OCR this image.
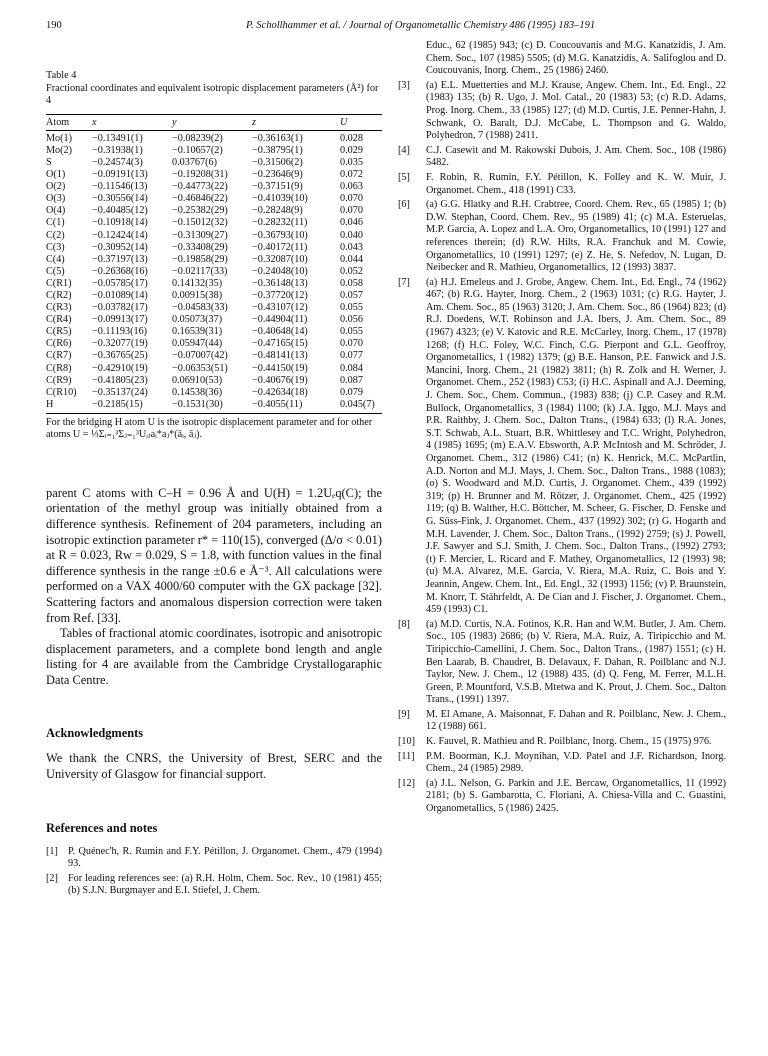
190	P. Schollhammer et al. / Journal of Organometallic Chemistry 486 (1995) 183–191
Table 4
Fractional coordinates and equivalent isotropic displacement parameters (Å²) for 4
Atom	x	y	z	U
Mo(1)	−0.13491(1)	−0.08239(2)	−0.36163(1)	0.028
Mo(2)	−0.31938(1)	−0.10657(2)	−0.38795(1)	0.029
S	−0.24574(3)	0.03767(6)	−0.31506(2)	0.035
O(1)	−0.09191(13)	−0.19208(31)	−0.23646(9)	0.072
O(2)	−0.11546(13)	−0.44773(22)	−0.37151(9)	0.063
O(3)	−0.30556(14)	−0.46846(22)	−0.41039(10)	0.070
O(4)	−0.40485(12)	−0.25382(29)	−0.28248(9)	0.070
C(1)	−0.10918(14)	−0.15012(32)	−0.28232(11)	0.046
C(2)	−0.12424(14)	−0.31309(27)	−0.36793(10)	0.040
C(3)	−0.30952(14)	−0.33408(29)	−0.40172(11)	0.043
C(4)	−0.37197(13)	−0.19858(29)	−0.32087(10)	0.044
C(5)	−0.26368(16)	−0.02117(33)	−0.24048(10)	0.052
C(R1)	−0.05785(17)	0.14132(35)	−0.36148(13)	0.058
C(R2)	−0.01089(14)	0.00915(38)	−0.37720(12)	0.057
C(R3)	−0.03782(17)	−0.04583(33)	−0.43107(12)	0.055
C(R4)	−0.09913(17)	0.05073(37)	−0.44904(11)	0.056
C(R5)	−0.11193(16)	0.16539(31)	−0.40648(14)	0.055
C(R6)	−0.32077(19)	0.05947(44)	−0.47165(15)	0.070
C(R7)	−0.36765(25)	−0.07007(42)	−0.48141(13)	0.077
C(R8)	−0.42910(19)	−0.06353(51)	−0.44150(19)	0.084
C(R9)	−0.41805(23)	0.06910(53)	−0.40676(19)	0.087
C(R10)	−0.35137(24)	0.14538(36)	−0.42634(18)	0.079
H	−0.2185(15)	−0.1531(30)	−0.4055(11)	0.045(7)
For the bridging H atom U is the isotropic displacement parameter and for other atoms U = ⅓Σᵢ₌₁³Σⱼ₌₁³Uᵢⱼaᵢ*aⱼ*(āᵢ, āⱼ).

parent C atoms with C–H = 0.96 Å and U(H) = 1.2Uₑq(C); the orientation of the methyl group was initially obtained from a difference synthesis. Refinement of 204 parameters, including an isotropic extinction parameter r* = 110(15), converged (Δ/σ < 0.01) at R = 0.023, Rw = 0.029, S = 1.8, with function values in the final difference synthesis in the range ±0.6 e Å⁻³. All calculations were performed on a VAX 4000/60 computer with the GX package [32]. Scattering factors and anomalous dispersion correction were taken from Ref. [33].

Tables of fractional atomic coordinates, isotropic and anisotropic displacement parameters, and a complete bond length and angle listing for 4 are available from the Cambridge Crystallogaraphic Data Centre.

Acknowledgments
We thank the CNRS, the University of Brest, SERC and the University of Glasgow for financial support.
References and notes
[1] P. Quénec'h, R. Rumin and F.Y. Pétillon, J. Organomet. Chem., 479 (1994) 93.
[2] For leading references see: (a) R.H. Holm, Chem. Soc. Rev., 10 (1981) 455; (b) S.J.N. Burgmayer and E.I. Stiefel, J. Chem.
Educ., 62 (1985) 943; (c) D. Coucouvanis and M.G. Kanatzidis, J. Am. Chem. Soc., 107 (1985) 5505; (d) M.G. Kanatzidis, A. Salifoglou and D. Coucouvanis, Inorg. Chem., 25 (1986) 2460.
[3] (a) E.L. Muetterties and M.J. Krause, Angew. Chem. Int., Ed. Engl., 22 (1983) 135; (b) R. Ugo, J. Mol. Catal., 20 (1983) 53; (c) R.D. Adams, Prog. Inorg. Chem., 33 (1985) 127; (d) M.D. Curtis, J.E. Penner-Hahn, J. Schwank, O. Baralt, D.J. McCabe, L. Thompson and G. Waldo, Polyhedron, 7 (1988) 2411.
[4] C.J. Casewit and M. Rakowski Dubois, J. Am. Chem. Soc., 108 (1986) 5482.
[5] F. Robin, R. Rumin, F.Y. Pétillon, K. Folley and K. W. Muir, J. Organomet. Chem., 418 (1991) C33.
[6] (a) G.G. Hlatky and R.H. Crabtree, Coord. Chem. Rev., 65 (1985) 1; (b) D.W. Stephan, Coord. Chem. Rev., 95 (1989) 41; (c) M.A. Esteruelas, M.P. Garcia, A. Lopez and L.A. Oro, Organometallics, 10 (1991) 127 and references therein; (d) R.W. Hilts, R.A. Franchuk and M. Cowie, Organometallics, 10 (1991) 1297; (e) Z. He, S. Nefedov, N. Lugan, D. Neibecker and R. Mathieu, Organometallics, 12 (1993) 3837.
[7] (a) H.J. Emeleus and J. Grobe, Angew. Chem. Int., Ed. Engl., 74 (1962) 467; (b) R.G. Hayter, Inorg. Chem., 2 (1963) 1031; (c) R.G. Hayter, J. Am. Chem. Soc., 85 (1963) 3120; J. Am. Chem. Soc., 86 (1964) 823; (d) R.J. Doedens, W.T. Robinson and J.A. Ibers, J. Am. Chem. Soc., 89 (1967) 4323; (e) V. Katovic and R.E. McCarley, Inorg. Chem., 17 (1978) 1268; (f) H.C. Foley, W.C. Finch, C.G. Pierpont and G.L. Geoffroy, Organometallics, 1 (1982) 1379; (g) B.E. Hanson, P.E. Fanwick and J.S. Mancini, Inorg. Chem., 21 (1982) 3811; (h) R. Zolk and H. Werner, J. Organomet. Chem., 252 (1983) C53; (i) H.C. Aspinall and A.J. Deeming, J. Chem. Soc., Chem. Commun., (1983) 838; (j) C.P. Casey and R.M. Bullock, Organometallics, 3 (1984) 1100; (k) J.A. Iggo, M.J. Mays and P.R. Raithby, J. Chem. Soc., Dalton Trans., (1984) 633; (l) R.A. Jones, S.T. Schwab, A.L. Stuart, B.R. Whittlesey and T.C. Wright, Polyhedron, 4 (1985) 1695; (m) E.A.V. Ebsworth, A.P. McIntosh and M. Schröder, J. Organomet. Chem., 312 (1986) C41; (n) K. Henrick, M.C. McPartlin, A.D. Norton and M.J. Mays, J. Chem. Soc., Dalton Trans., 1988 (1083); (o) S. Woodward and M.D. Curtis, J. Organomet. Chem., 439 (1992) 319; (p) H. Brunner and M. Rötzer, J. Organomet. Chem., 425 (1992) 119; (q) B. Walther, H.C. Böttcher, M. Scheer, G. Fischer, D. Fenske and G. Süss-Fink, J. Organomet. Chem., 437 (1992) 302; (r) G. Hogarth and M.H. Lavender, J. Chem. Soc., Dalton Trans., (1992) 2759; (s) J. Powell, J.F. Sawyer and S.J. Smith, J. Chem. Soc., Dalton Trans., (1992) 2793; (t) F. Mercier, L. Ricard and F. Mathey, Organometallics, 12 (1993) 98; (u) M.A. Alvarez, M.E. Garcia, V. Riera, M.A. Ruiz, C. Bois and Y. Jeannin, Angew. Chem. Int., Ed. Engl., 32 (1993) 1156; (v) P. Braunstein, M. Knorr, T. Stährfeldt, A. De Cian and J. Fischer, J. Organomet. Chem., 459 (1993) C1.
[8] (a) M.D. Curtis, N.A. Fotinos, K.R. Han and W.M. Butler, J. Am. Chem. Soc., 105 (1983) 2686; (b) V. Riera, M.A. Ruiz, A. Tiripicchio and M. Tiripicchio-Camellini, J. Chem. Soc., Dalton Trans., (1987) 1551; (c) H. Ben Laarab, B. Chaudret, B. Delavaux, F. Dahan, R. Poilblanc and N.J. Taylor, New. J. Chem., 12 (1988) 435. (d) Q. Feng, M. Ferrer, M.L.H. Green, P. Mountford, V.S.B. Mtetwa and K. Prout, J. Chem. Soc., Dalton Trans., (1991) 1397.
[9] M. El Amane, A. Maisonnat, F. Dahan and R. Poilblanc, New. J. Chem., 12 (1988) 661.
[10] K. Fauvel, R. Mathieu and R. Poilblanc, Inorg. Chem., 15 (1975) 976.
[11] P.M. Boorman, K.J. Moynihan, V.D. Patel and J.F. Richardson, Inorg. Chem., 24 (1985) 2989.
[12] (a) J.L. Nelson, G. Parkin and J.E. Bercaw, Organometallics, 11 (1992) 2181; (b) S. Gambarotta, C. Floriani, A. Chiesa-Villa and C. Guastini, Organometallics, 5 (1986) 2425.
